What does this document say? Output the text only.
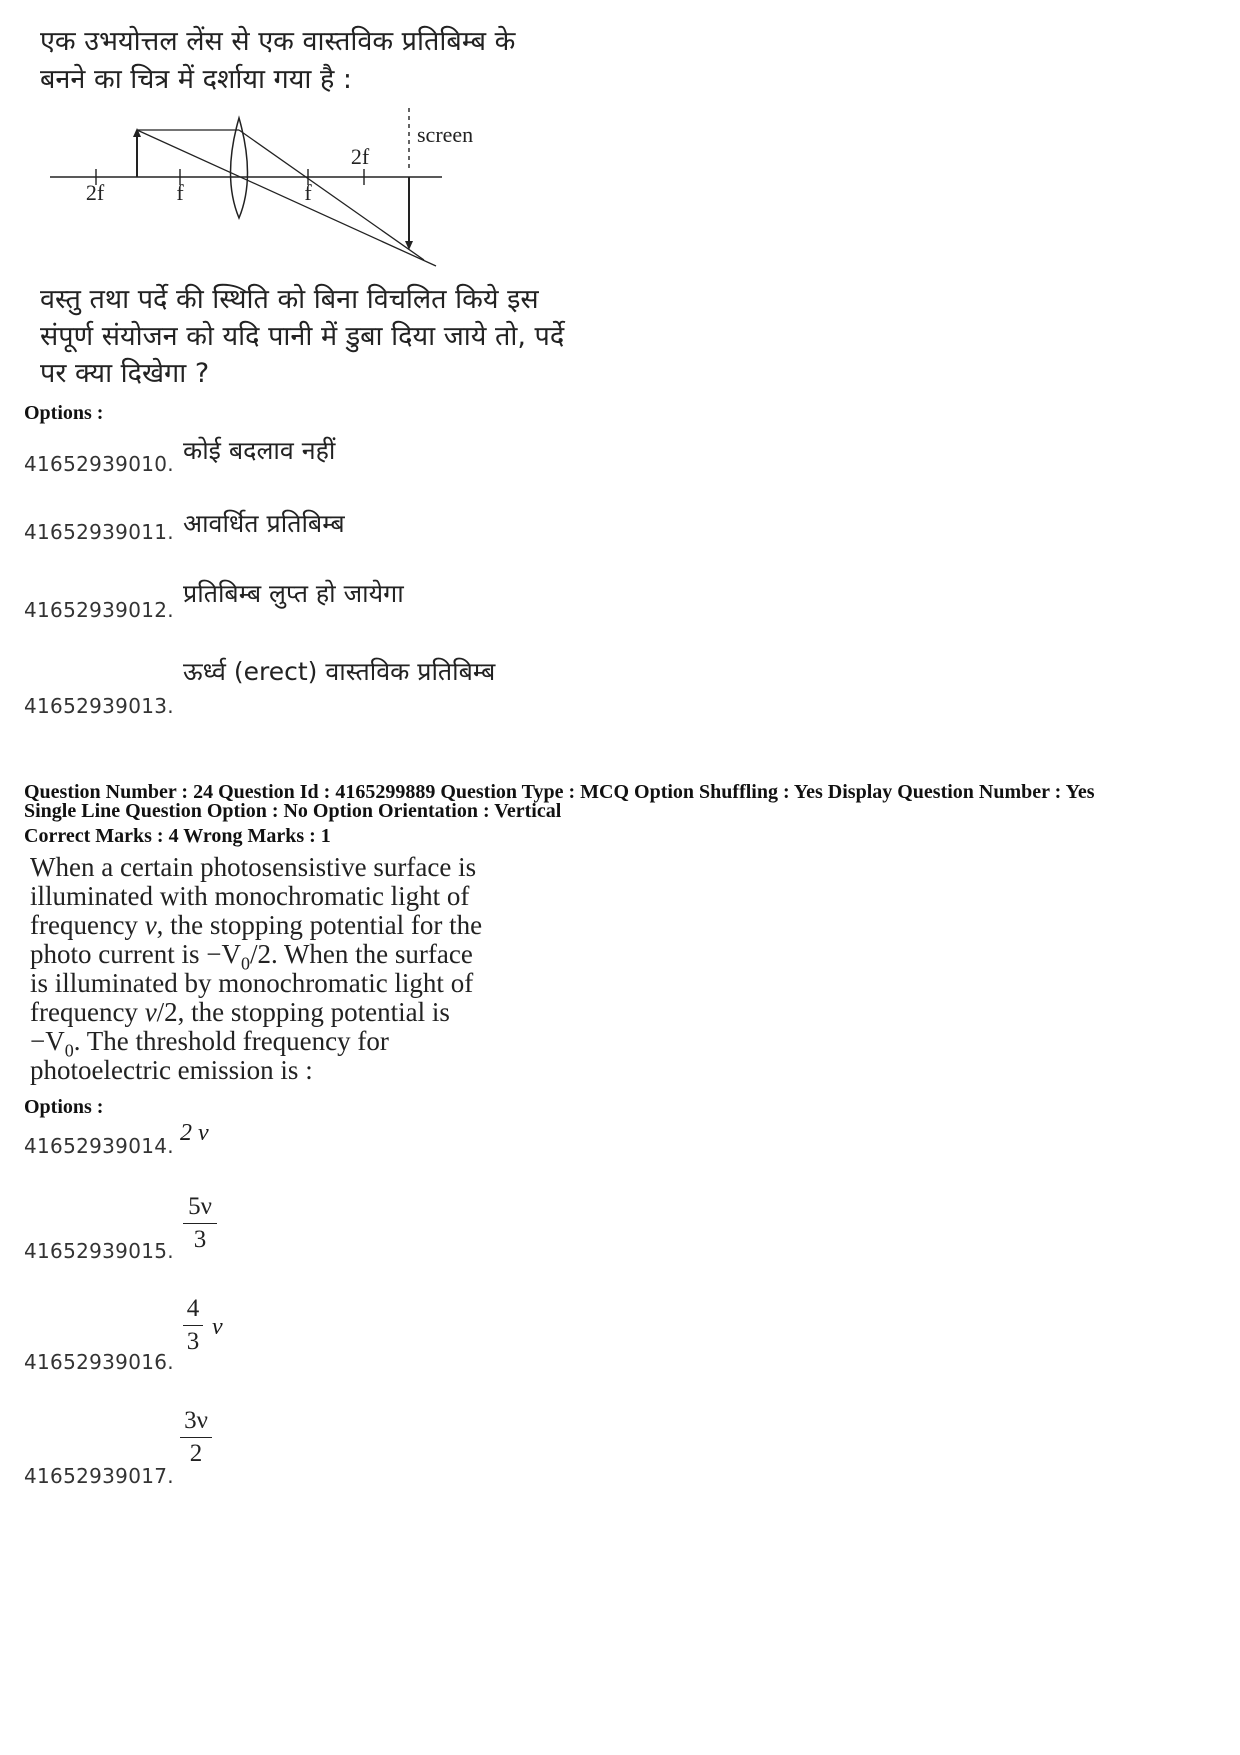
एक उभयोत्तल लेंस से एक वास्तविक प्रतिबिम्ब के
बनने का चित्र में दर्शाया गया है :
2f	f	f
2f
screen
वस्तु तथा पर्दे की स्थिति को बिना विचलित किये इस
संपूर्ण संयोजन को यदि पानी में डुबा दिया जाये तो, पर्दे
पर क्या दिखेगा ?
Options :
कोई बदलाव नहीं
41652939010.
आवर्धित प्रतिबिम्ब
41652939011.
प्रतिबिम्ब लुप्त हो जायेगा
41652939012.
ऊर्ध्व (erect) वास्तविक प्रतिबिम्ब
41652939013.
Question Number : 24 Question Id : 4165299889 Question Type : MCQ Option Shuffling : Yes Display Question Number : Yes
Single Line Question Option : No Option Orientation : Vertical
Correct Marks : 4 Wrong Marks : 1
When a certain photosensistive surface is
illuminated with monochromatic light of
frequency ν, the stopping potential for the
photo current is $-V_0/2$. When the surface
is illuminated by monochromatic light of
frequency ν/2, the stopping potential is
$-V_0$. The threshold frequency for
photoelectric emission is :
Options :
2 ν
41652939014.
5ν
3
41652939015.
4
3
ν
41652939016.
3ν
2
41652939017.
